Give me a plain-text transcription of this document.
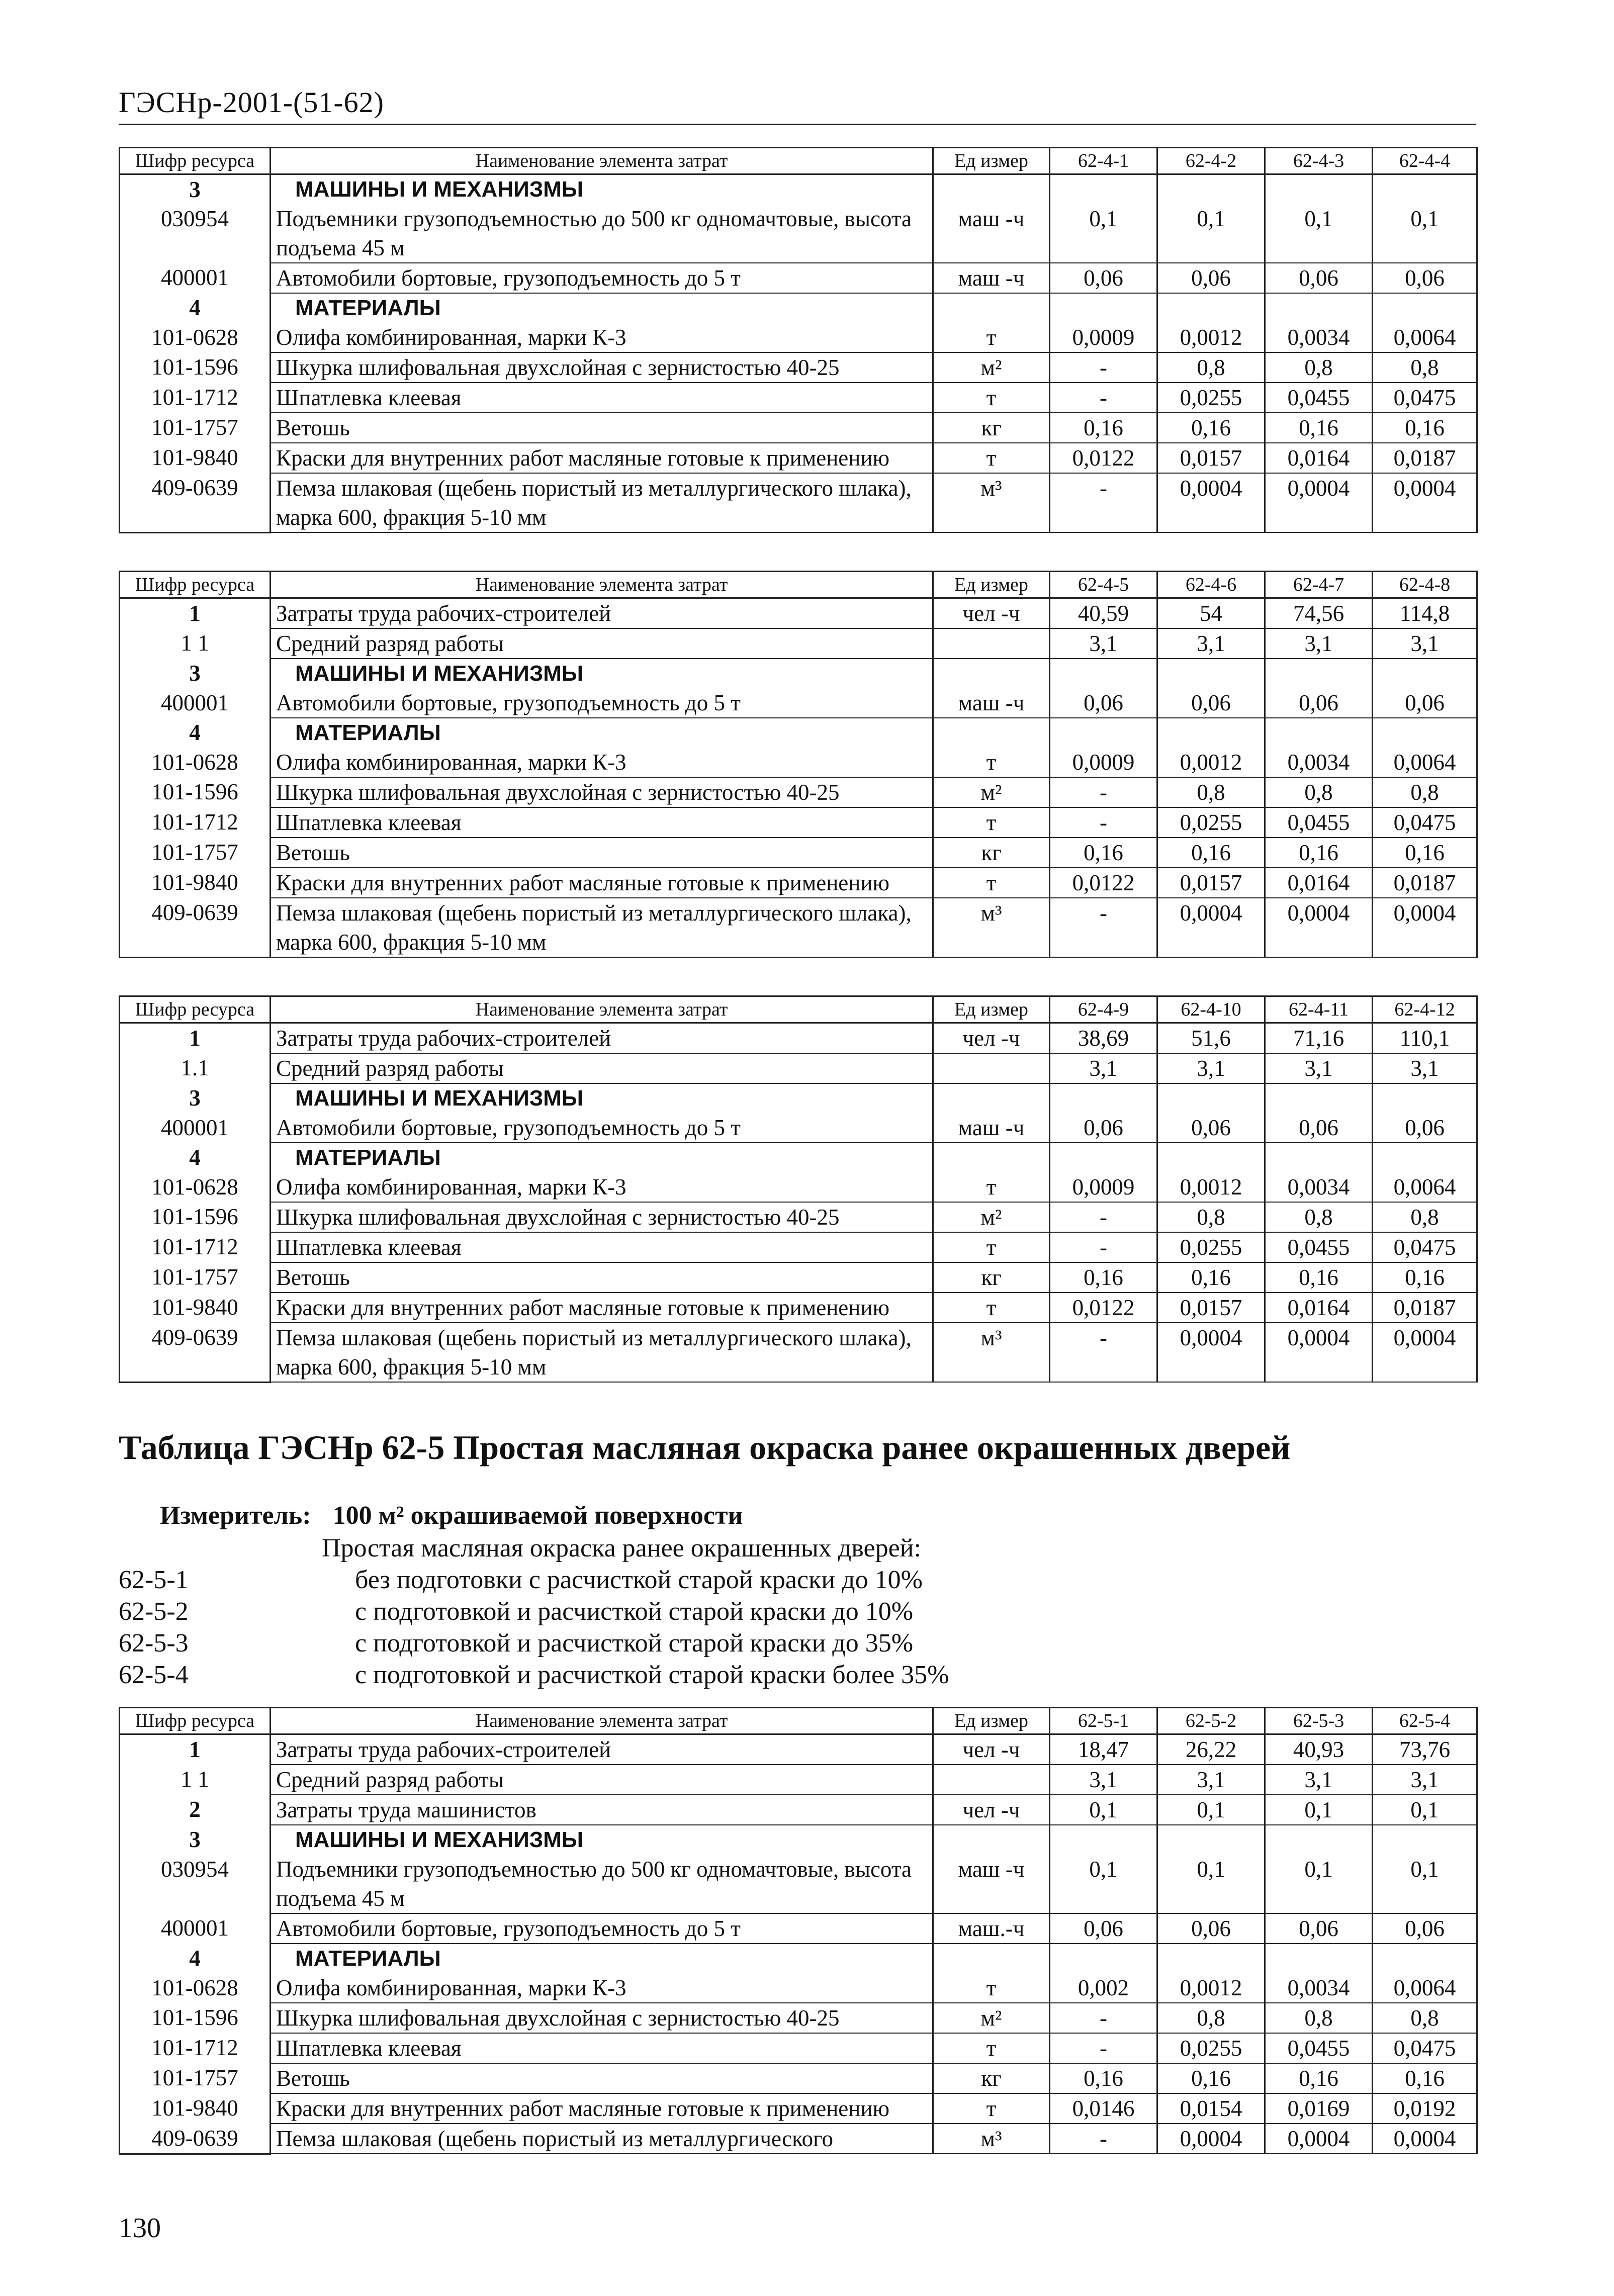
ГЭСНр-2001-(51-62)
Шифр ресурса	Наименование элемента затрат	Ед измер	62-4-1	62-4-2	62-4-3	62-4-4
3	МАШИНЫ И МЕХАНИЗМЫ					
030954	Подъемники грузоподъемностью до 500 кг одномачтовые, высота подъема 45 м	маш -ч	0,1	0,1	0,1	0,1
400001	Автомобили бортовые, грузоподъемность до 5 т	маш -ч	0,06	0,06	0,06	0,06
4	МАТЕРИАЛЫ					
101-0628	Олифа комбинированная, марки К-3	т	0,0009	0,0012	0,0034	0,0064
101-1596	Шкурка шлифовальная двухслойная с зернистостью 40-25	м²	-	0,8	0,8	0,8
101-1712	Шпатлевка клеевая	т	-	0,0255	0,0455	0,0475
101-1757	Ветошь	кг	0,16	0,16	0,16	0,16
101-9840	Краски для внутренних работ масляные готовые к применению	т	0,0122	0,0157	0,0164	0,0187
409-0639	Пемза шлаковая (щебень пористый из металлургического шлака), марка 600, фракция 5-10 мм	м³	-	0,0004	0,0004	0,0004
Шифр ресурса	Наименование элемента затрат	Ед измер	62-4-5	62-4-6	62-4-7	62-4-8
1	Затраты труда рабочих-строителей	чел -ч	40,59	54	74,56	114,8
1 1	Средний разряд работы		3,1	3,1	3,1	3,1
3	МАШИНЫ И МЕХАНИЗМЫ					
400001	Автомобили бортовые, грузоподъемность до 5 т	маш -ч	0,06	0,06	0,06	0,06
4	МАТЕРИАЛЫ					
101-0628	Олифа комбинированная, марки К-3	т	0,0009	0,0012	0,0034	0,0064
101-1596	Шкурка шлифовальная двухслойная с зернистостью 40-25	м²	-	0,8	0,8	0,8
101-1712	Шпатлевка клеевая	т	-	0,0255	0,0455	0,0475
101-1757	Ветошь	кг	0,16	0,16	0,16	0,16
101-9840	Краски для внутренних работ масляные готовые к применению	т	0,0122	0,0157	0,0164	0,0187
409-0639	Пемза шлаковая (щебень пористый из металлургического шлака), марка 600, фракция 5-10 мм	м³	-	0,0004	0,0004	0,0004
Шифр ресурса	Наименование элемента затрат	Ед измер	62-4-9	62-4-10	62-4-11	62-4-12
1	Затраты труда рабочих-строителей	чел -ч	38,69	51,6	71,16	110,1
1.1	Средний разряд работы		3,1	3,1	3,1	3,1
3	МАШИНЫ И МЕХАНИЗМЫ					
400001	Автомобили бортовые, грузоподъемность до 5 т	маш -ч	0,06	0,06	0,06	0,06
4	МАТЕРИАЛЫ					
101-0628	Олифа комбинированная, марки К-3	т	0,0009	0,0012	0,0034	0,0064
101-1596	Шкурка шлифовальная двухслойная с зернистостью 40-25	м²	-	0,8	0,8	0,8
101-1712	Шпатлевка клеевая	т	-	0,0255	0,0455	0,0475
101-1757	Ветошь	кг	0,16	0,16	0,16	0,16
101-9840	Краски для внутренних работ масляные готовые к применению	т	0,0122	0,0157	0,0164	0,0187
409-0639	Пемза шлаковая (щебень пористый из металлургического шлака), марка 600, фракция 5-10 мм	м³	-	0,0004	0,0004	0,0004
Таблица ГЭСНр 62-5 Простая масляная окраска ранее окрашенных дверей
Измеритель: 100 м² окрашиваемой поверхности
Простая масляная окраска ранее окрашенных дверей:
62-5-1	без подготовки с расчисткой старой краски до 10%
62-5-2	с подготовкой и расчисткой старой краски до 10%
62-5-3	с подготовкой и расчисткой старой краски до 35%
62-5-4	с подготовкой и расчисткой старой краски более 35%
Шифр ресурса	Наименование элемента затрат	Ед измер	62-5-1	62-5-2	62-5-3	62-5-4
1	Затраты труда рабочих-строителей	чел -ч	18,47	26,22	40,93	73,76
1 1	Средний разряд работы		3,1	3,1	3,1	3,1
2	Затраты труда машинистов	чел -ч	0,1	0,1	0,1	0,1
3	МАШИНЫ И МЕХАНИЗМЫ					
030954	Подъемники грузоподъемностью до 500 кг одномачтовые, высота подъема 45 м	маш -ч	0,1	0,1	0,1	0,1
400001	Автомобили бортовые, грузоподъемность до 5 т	маш.-ч	0,06	0,06	0,06	0,06
4	МАТЕРИАЛЫ					
101-0628	Олифа комбинированная, марки К-3	т	0,002	0,0012	0,0034	0,0064
101-1596	Шкурка шлифовальная двухслойная с зернистостью 40-25	м²	-	0,8	0,8	0,8
101-1712	Шпатлевка клеевая	т	-	0,0255	0,0455	0,0475
101-1757	Ветошь	кг	0,16	0,16	0,16	0,16
101-9840	Краски для внутренних работ масляные готовые к применению	т	0,0146	0,0154	0,0169	0,0192
409-0639	Пемза шлаковая (щебень пористый из металлургического	м³	-	0,0004	0,0004	0,0004
130
